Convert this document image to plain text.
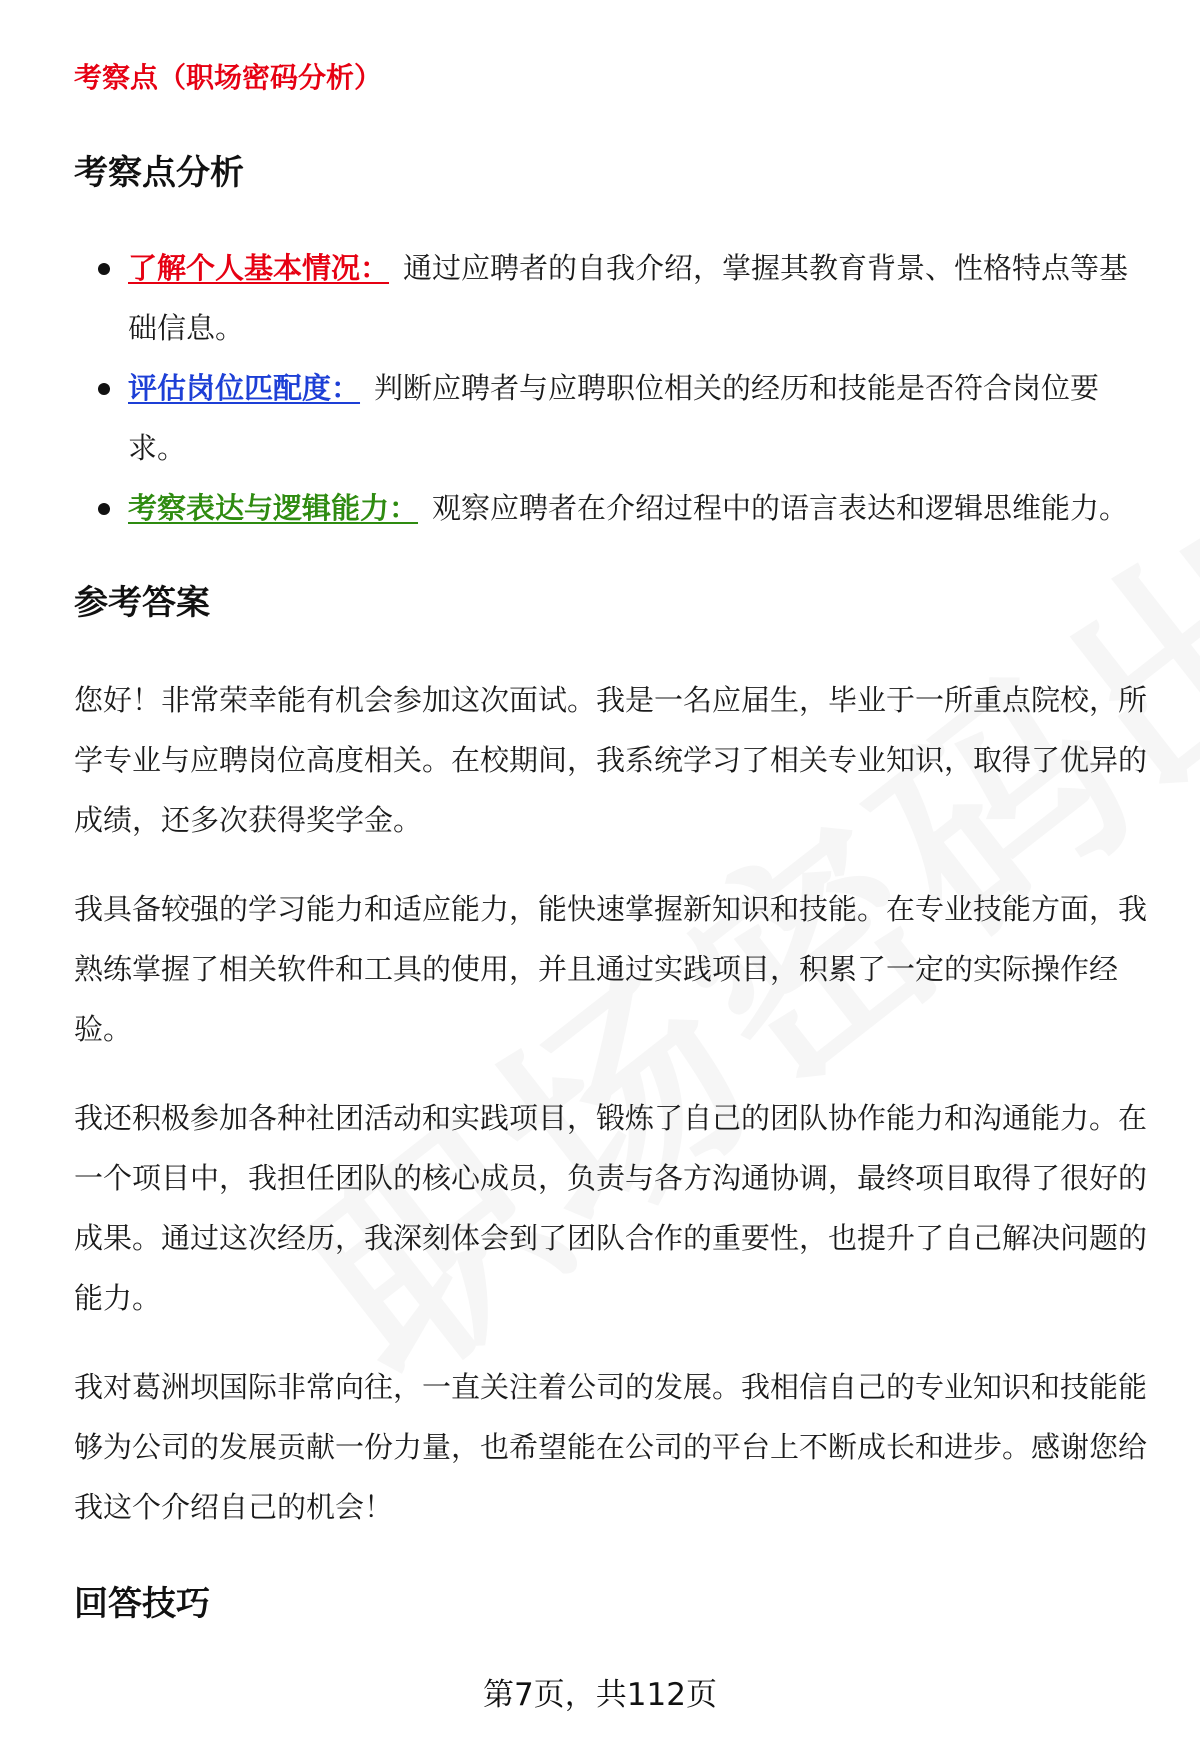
考察点（职场密码分析）

考察点分析
了解个人基本情况： 通过应聘者的自我介绍，掌握其教育背景、性格特点等基础信息。
评估岗位匹配度： 判断应聘者与应聘职位相关的经历和技能是否符合岗位要求。
考察表达与逻辑能力： 观察应聘者在介绍过程中的语言表达和逻辑思维能力。
参考答案

您好！非常荣幸能有机会参加这次面试。我是一名应届生，毕业于一所重点院校，所学专业与应聘岗位高度相关。在校期间，我系统学习了相关专业知识，取得了优异的成绩，还多次获得奖学金。

我具备较强的学习能力和适应能力，能快速掌握新知识和技能。在专业技能方面，我熟练掌握了相关软件和工具的使用，并且通过实践项目，积累了一定的实际操作经验。

我还积极参加各种社团活动和实践项目，锻炼了自己的团队协作能力和沟通能力。在一个项目中，我担任团队的核心成员，负责与各方沟通协调，最终项目取得了很好的成果。通过这次经历，我深刻体会到了团队合作的重要性，也提升了自己解决问题的能力。

我对葛洲坝国际非常向往，一直关注着公司的发展。我相信自己的专业知识和技能能够为公司的发展贡献一份力量，也希望能在公司的平台上不断成长和进步。感谢您给我这个介绍自己的机会！

回答技巧
第7页，共112页
